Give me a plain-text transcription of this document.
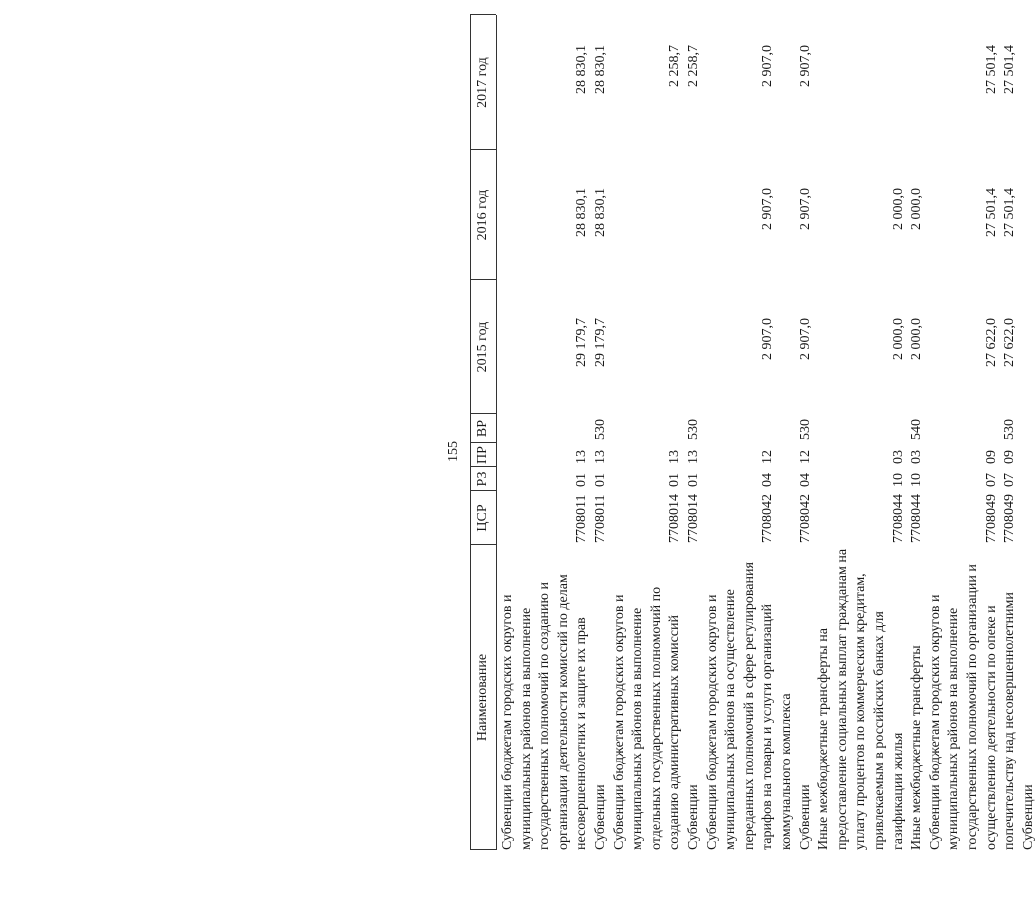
155
Наименование
ЦСР
РЗ
ПР
ВР
2015 год
2016 год
2017 год
Субвенции бюджетам городских округов и муниципальных районов на выполнение государственных полномочий по созданию и организации деятельности комиссий по делам несовершеннолетних и защите их прав
7708011
01
13
29 179,7
28 830,1
28 830,1
Субвенции
7708011
01
13
530
29 179,7
28 830,1
28 830,1
Субвенции бюджетам городских округов и муниципальных районов на выполнение отдельных государственных полномочий по созданию административных комиссий
7708014
01
13
2 258,7
Субвенции
7708014
01
13
530
2 258,7
Субвенции бюджетам городских округов и муниципальных районов на осуществление переданных полномочий в сфере регулирования тарифов на товары и услуги организаций
7708042
04
12
2 907,0
2 907,0
2 907,0
коммунального комплекса Субвенции
7708042
04
12
530
2 907,0
2 907,0
2 907,0
Иные межбюджетные трансферты на предоставление социальных выплат гражданам на уплату процентов по коммерческим кредитам, привлекаемым в российских банках для газификации жилья
7708044
10
03
2 000,0
2 000,0
Иные межбюджетные трансферты
7708044
10
03
540
2 000,0
2 000,0
Субвенции бюджетам городских округов и муниципальных районов на выполнение государственных полномочий по организации и осуществлению деятельности по опеке и
7708049
07
09
27 622,0
27 501,4
27 501,4
попечительству над несовершеннолетними
7708049
07
09
530
27 622,0
27 501,4
27 501,4
Субвенции
